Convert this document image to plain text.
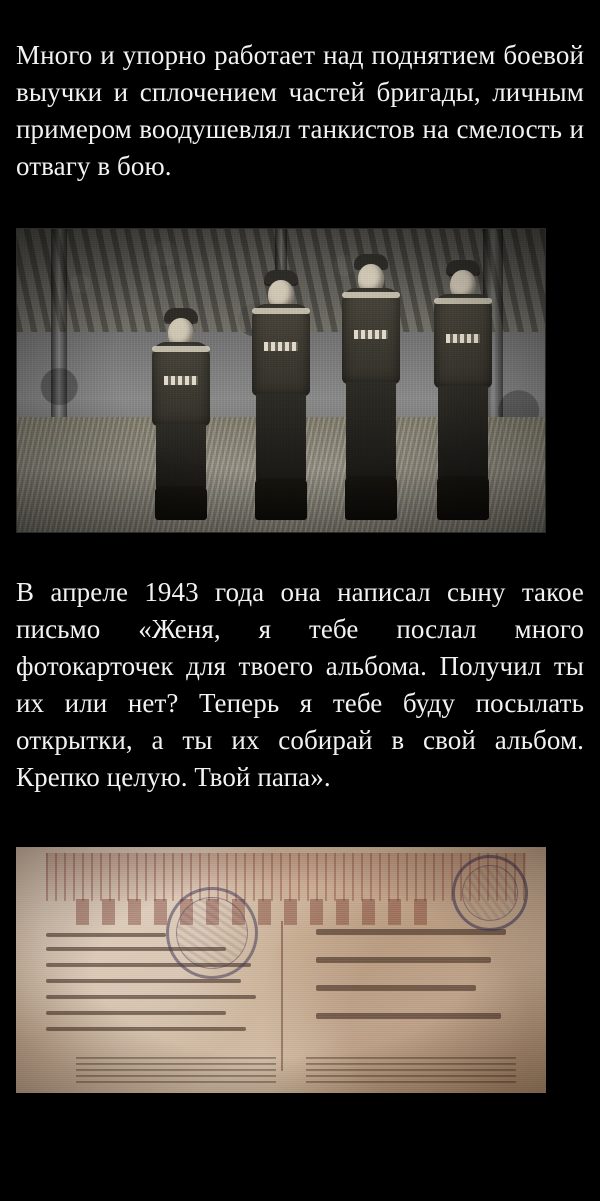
Много и упорно работает над поднятием боевой выучки и сплочением частей бригады, личным примером воодушевлял танкистов на смелость и отвагу в бою.

В апреле 1943 года она написал сыну такое письмо «Женя, я тебе послал много фотокарточек для твоего альбома. Получил ты их или нет? Теперь я тебе буду посылать открытки, а ты их собирай в свой альбом. Крепко целую. Твой папа».
